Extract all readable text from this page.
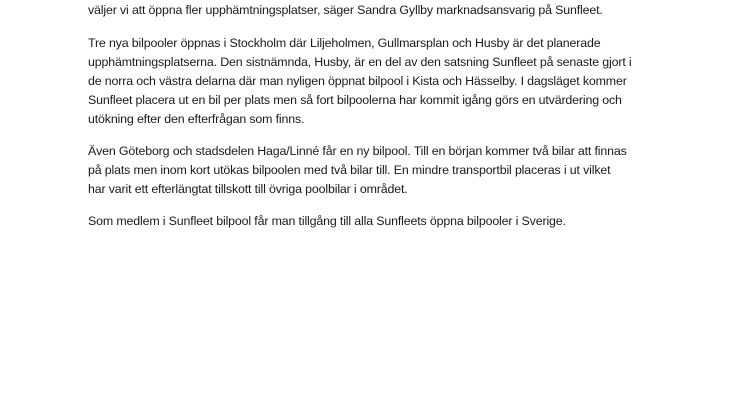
väljer vi att öppna fler upphämtningsplatser, säger Sandra Gyllby marknadsansvarig på Sunfleet.
Tre nya bilpooler öppnas i Stockholm där Liljeholmen, Gullmarsplan och Husby är det planerade
upphämtningsplatserna. Den sistnämnda, Husby, är en del av den satsning Sunfleet på senaste gjort i
de norra och västra delarna där man nyligen öppnat bilpool i Kista och Hässelby. I dagsläget kommer
Sunfleet placera ut en bil per plats men så fort bilpoolerna har kommit igång görs en utvärdering och
utökning efter den efterfrågan som finns.
Även Göteborg och stadsdelen Haga/Linné får en ny bilpool. Till en början kommer två bilar att finnas
på plats men inom kort utökas bilpoolen med två bilar till. En mindre transportbil placeras i ut vilket
har varit ett efterlängtat tillskott till övriga poolbilar i området.
Som medlem i Sunfleet bilpool får man tillgång till alla Sunfleets öppna bilpooler i Sverige.
